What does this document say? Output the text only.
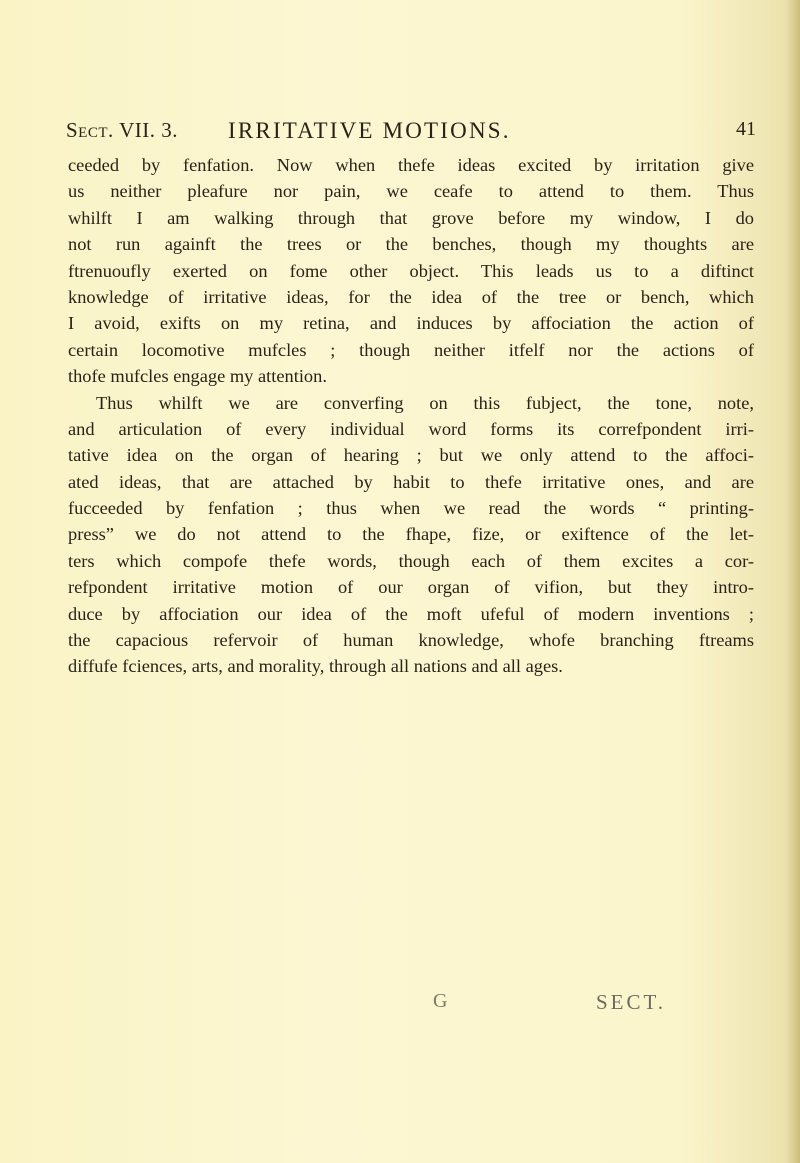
Sect. VII. 3. IRRITATIVE MOTIONS.	41
ceeded by fenfation. Now when thefe ideas excited by irritation give
us neither pleafure nor pain, we ceafe to attend to them. Thus
whilft I am walking through that grove before my window, I do
not run againft the trees or the benches, though my thoughts are
ftrenuoufly exerted on fome other object. This leads us to a diftinct
knowledge of irritative ideas, for the idea of the tree or bench, which
I avoid, exifts on my retina, and induces by affociation the action of
certain locomotive mufcles ; though neither itfelf nor the actions of
thofe mufcles engage my attention.
Thus whilft we are converfing on this fubject, the tone, note,
and articulation of every individual word forms its correfpondent irri-
tative idea on the organ of hearing ; but we only attend to the affoci-
ated ideas, that are attached by habit to thefe irritative ones, and are
fucceeded by fenfation ; thus when we read the words “ printing-
press” we do not attend to the fhape, fize, or exiftence of the let-
ters which compofe thefe words, though each of them excites a cor-
refpondent irritative motion of our organ of vifion, but they intro-
duce by affociation our idea of the moft ufeful of modern inventions ;
the capacious refervoir of human knowledge, whofe branching ftreams
diffufe fciences, arts, and morality, through all nations and all ages.
G	SECT.
